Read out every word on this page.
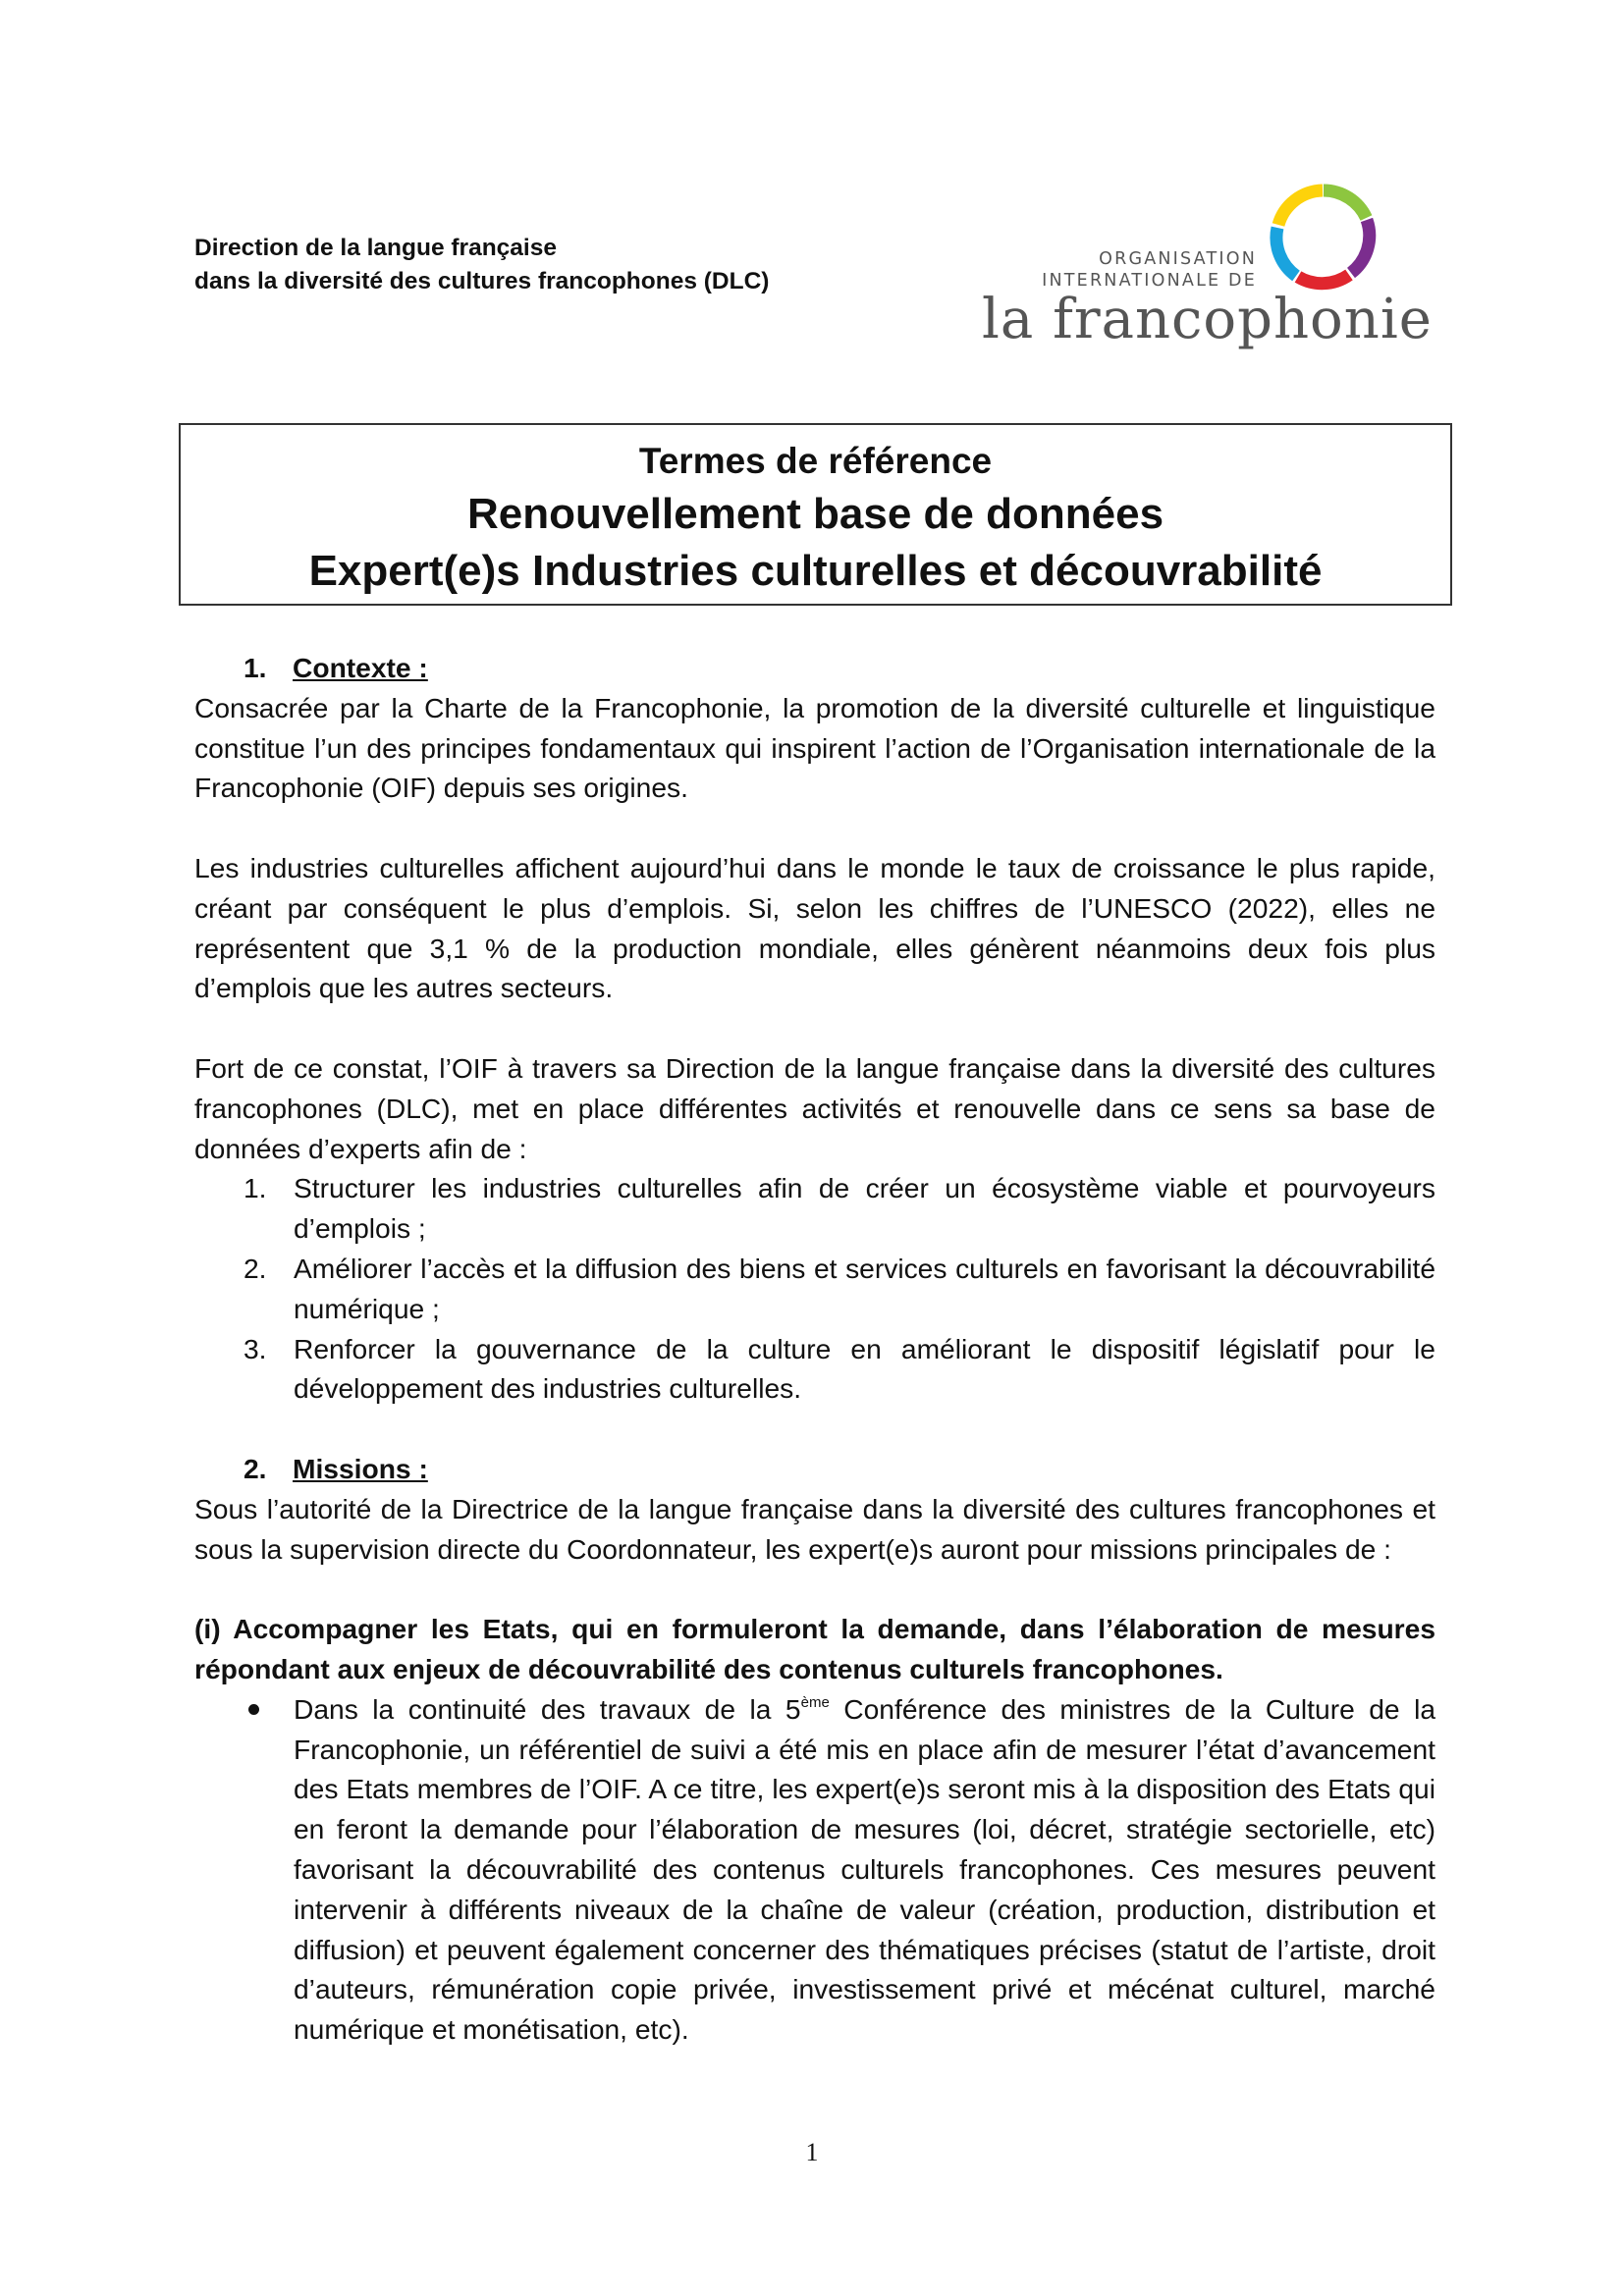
Direction de la langue française
dans la diversité des cultures francophones (DLC)
ORGANISATION
INTERNATIONALE DE
la francophonie
Termes de référence
Renouvellement base de données
Expert(e)s Industries culturelles et découvrabilité
1. Contexte :

Consacrée par la Charte de la Francophonie, la promotion de la diversité culturelle et linguistique constitue l’un des principes fondamentaux qui inspirent l’action de l’Organisation internationale de la Francophonie (OIF) depuis ses origines.

Les industries culturelles affichent aujourd’hui dans le monde le taux de croissance le plus rapide, créant par conséquent le plus d’emplois. Si, selon les chiffres de l’UNESCO (2022), elles ne représentent que 3,1 % de la production mondiale, elles génèrent néanmoins deux fois plus d’emplois que les autres secteurs.

Fort de ce constat, l’OIF à travers sa Direction de la langue française dans la diversité des cultures francophones (DLC), met en place différentes activités et renouvelle dans ce sens sa base de données d’experts afin de :

1. Structurer les industries culturelles afin de créer un écosystème viable et pourvoyeurs d’emplois ;
2. Améliorer l’accès et la diffusion des biens et services culturels en favorisant la découvrabilité numérique ;
3. Renforcer la gouvernance de la culture en améliorant le dispositif législatif pour le développement des industries culturelles.
2. Missions :

Sous l’autorité de la Directrice de la langue française dans la diversité des cultures francophones et sous la supervision directe du Coordonnateur, les expert(e)s auront pour missions principales de :

(i) Accompagner les Etats, qui en formuleront la demande, dans l’élaboration de mesures répondant aux enjeux de découvrabilité des contenus culturels francophones.

Dans la continuité des travaux de la 5ème Conférence des ministres de la Culture de la Francophonie, un référentiel de suivi a été mis en place afin de mesurer l’état d’avancement des Etats membres de l’OIF. A ce titre, les expert(e)s seront mis à la disposition des Etats qui en feront la demande pour l’élaboration de mesures (loi, décret, stratégie sectorielle, etc) favorisant la découvrabilité des contenus culturels francophones. Ces mesures peuvent intervenir à différents niveaux de la chaîne de valeur (création, production, distribution et diffusion) et peuvent également concerner des thématiques précises (statut de l’artiste, droit d’auteurs, rémunération copie privée, investissement privé et mécénat culturel, marché numérique et monétisation, etc).
1
